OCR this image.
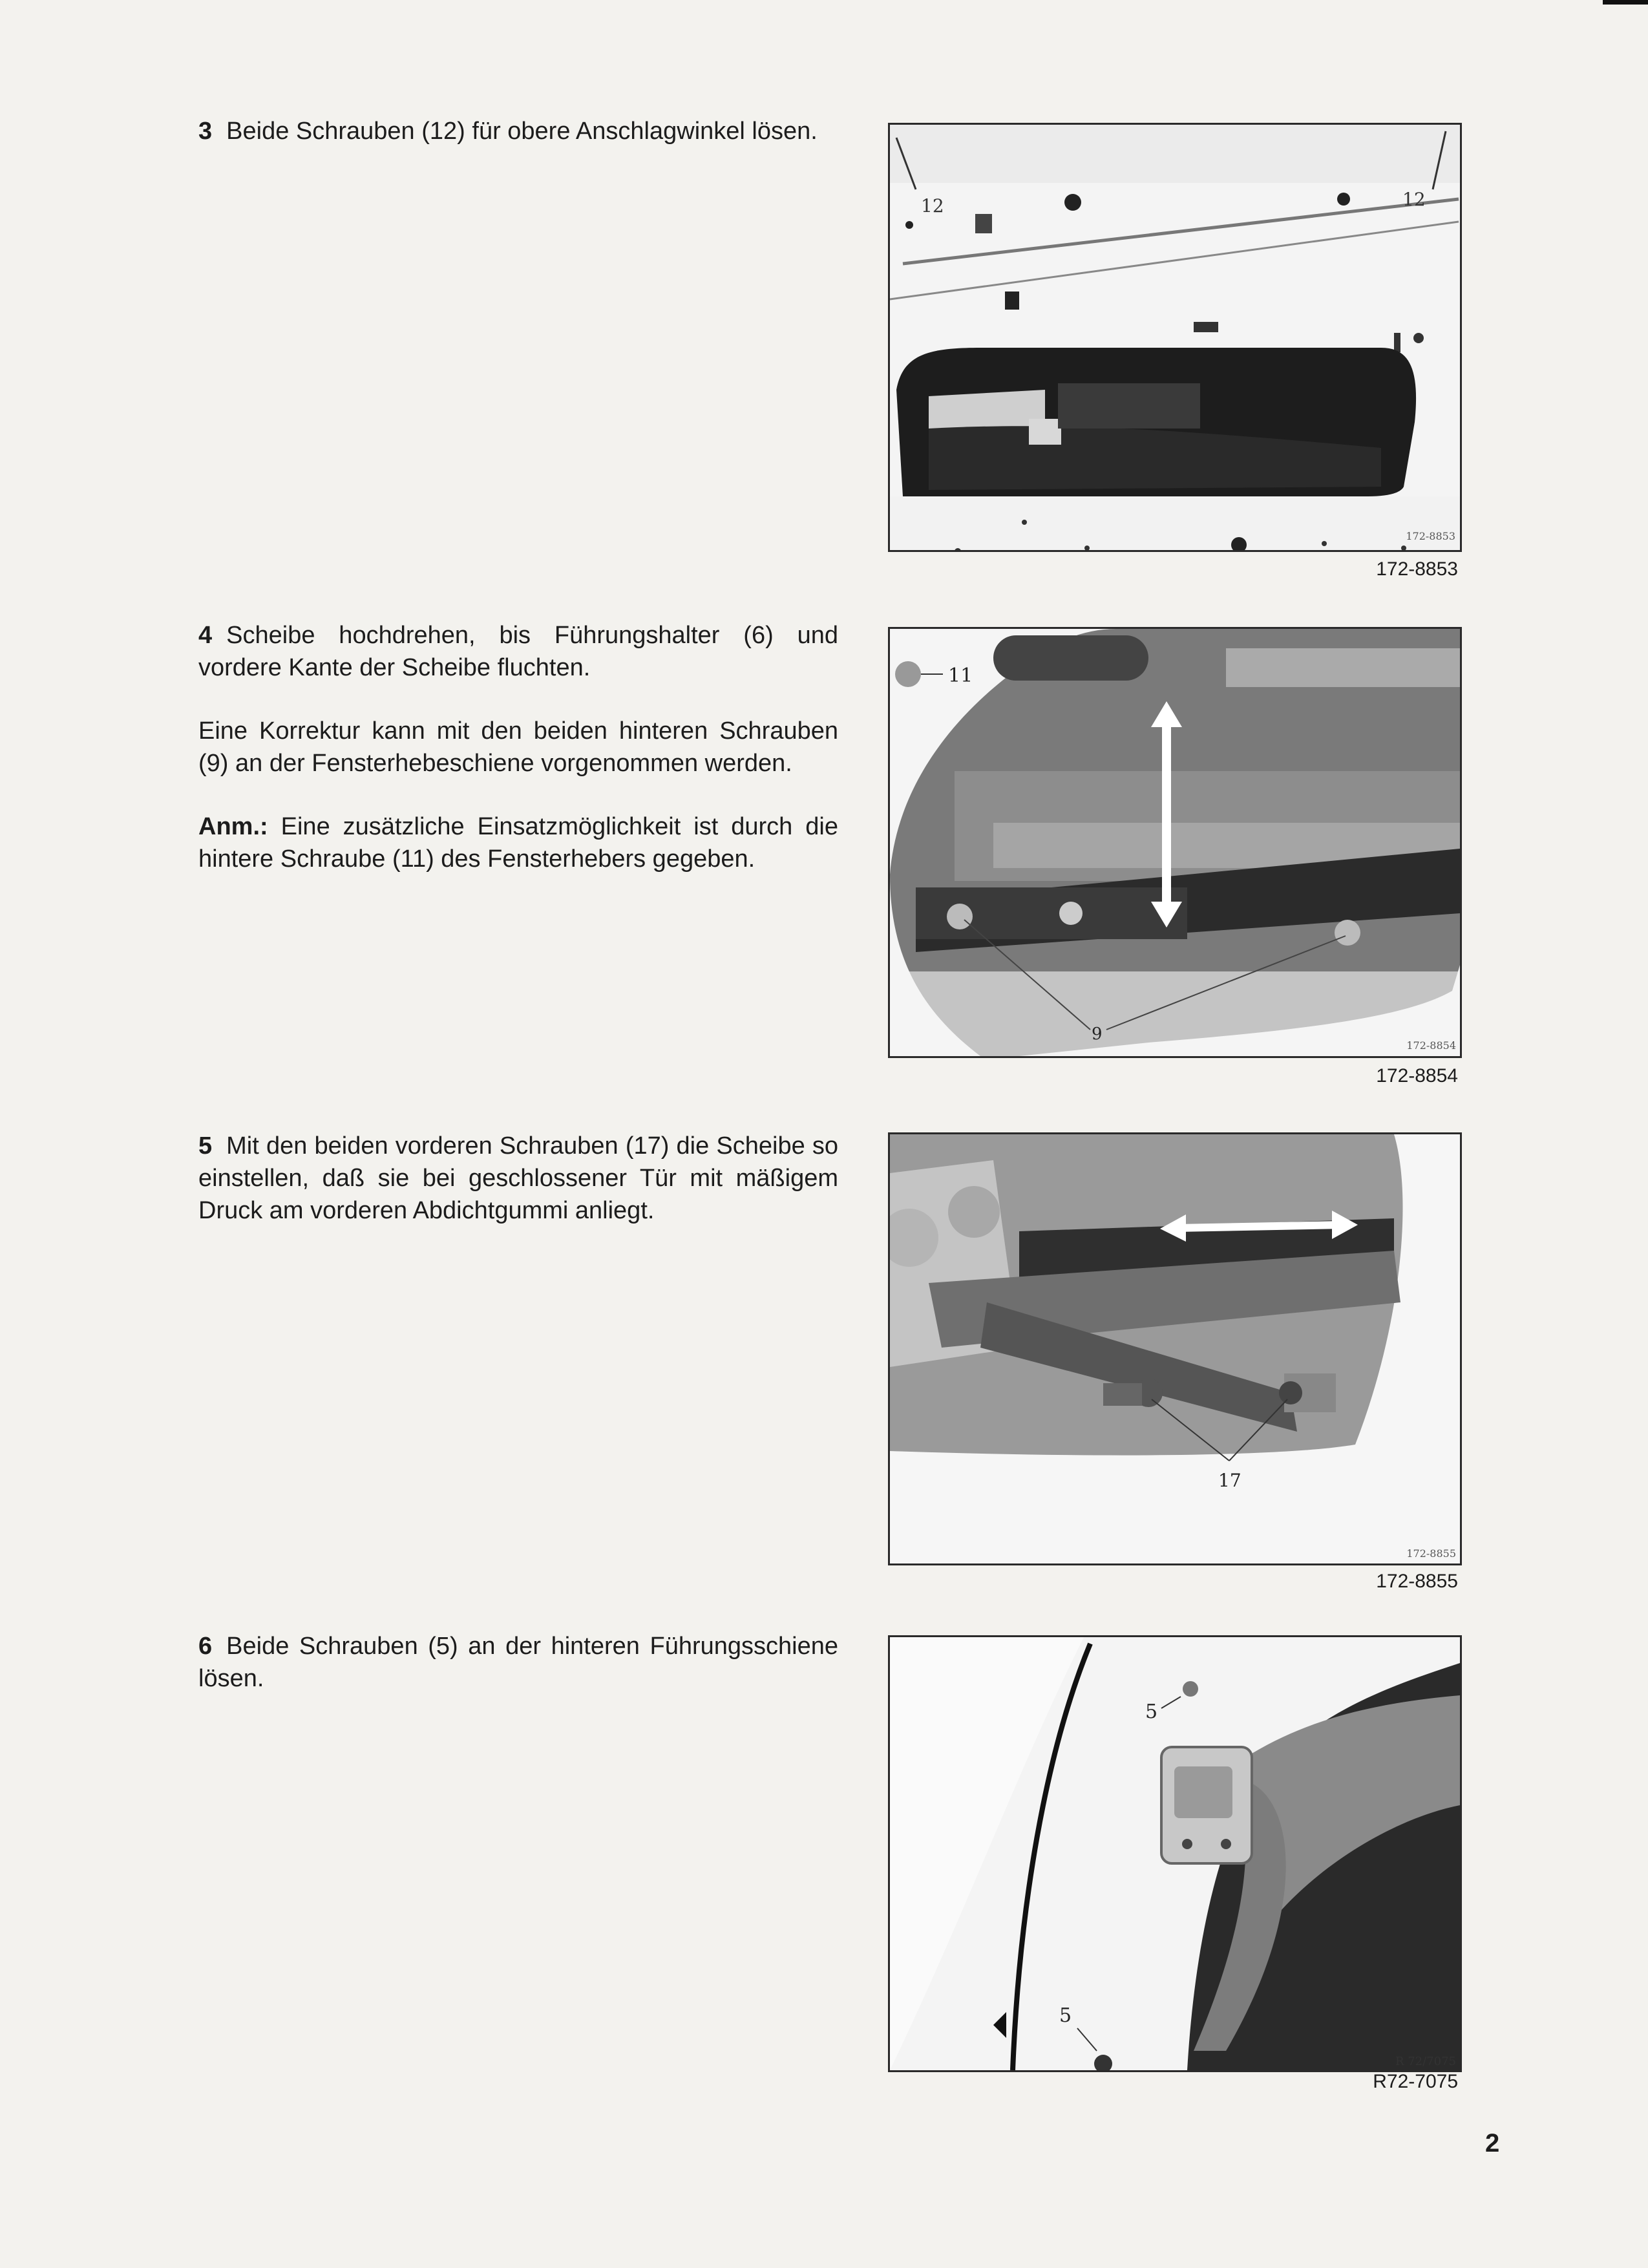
3 Beide Schrauben (12) für obere Anschlagwinkel lösen.

12	12
172-8853
172-8853

4 Scheibe hochdrehen, bis Führungshalter (6) und vordere Kante der Scheibe fluchten.

Eine Korrektur kann mit den beiden hinteren Schrauben (9) an der Fensterhebeschiene vorgenommen werden.

Anm.: Eine zusätzliche Einsatzmöglichkeit ist durch die hintere Schraube (11) des Fensterhebers gegeben.

11
9
172-8854
172-8854

5 Mit den beiden vorderen Schrauben (17) die Scheibe so einstellen, daß sie bei geschlossener Tür mit mäßigem Druck am vorderen Abdichtgummi anliegt.

17
172-8855
172-8855

6 Beide Schrauben (5) an der hinteren Führungsschiene lösen.

5
5
R 72/7075
R72-7075
2
